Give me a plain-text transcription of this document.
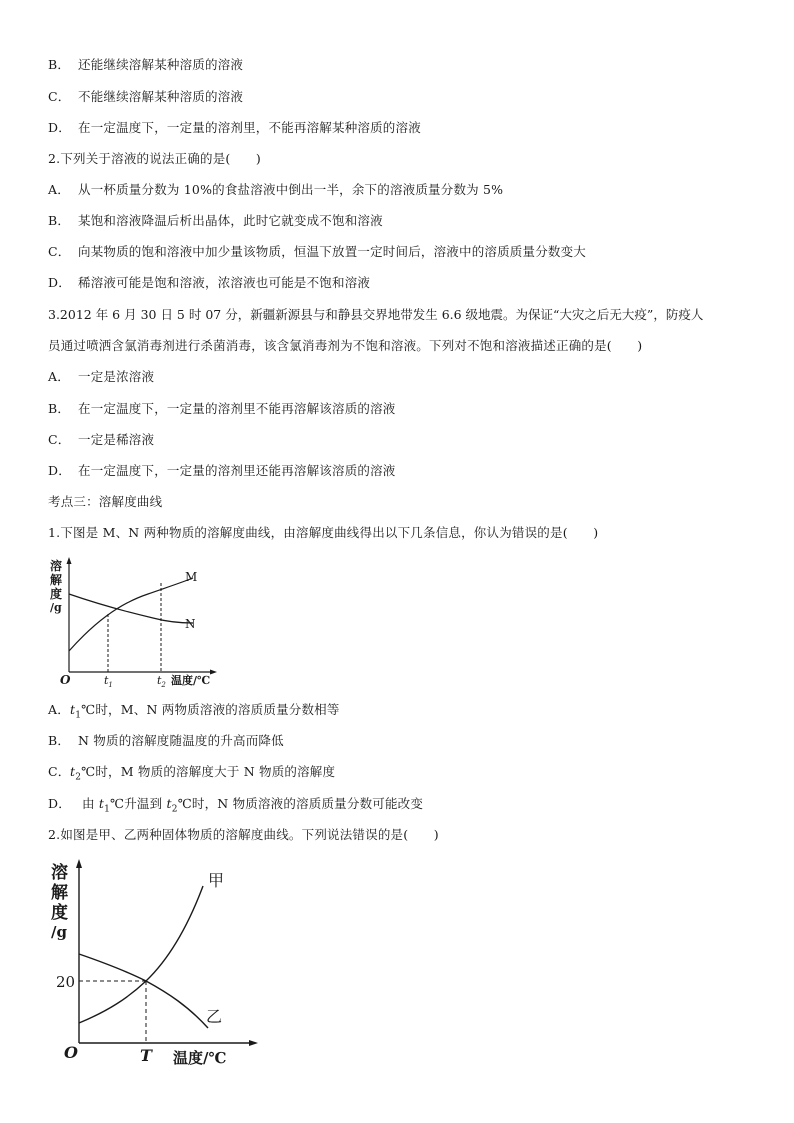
B． 还能继续溶解某种溶质的溶液
C． 不能继续溶解某种溶质的溶液
D． 在一定温度下，一定量的溶剂里，不能再溶解某种溶质的溶液
2.下列关于溶液的说法正确的是(　　)
A． 从一杯质量分数为 10%的食盐溶液中倒出一半，余下的溶液质量分数为 5%
B． 某饱和溶液降温后析出晶体，此时它就变成不饱和溶液
C． 向某物质的饱和溶液中加少量该物质，恒温下放置一定时间后，溶液中的溶质质量分数变大
D． 稀溶液可能是饱和溶液，浓溶液也可能是不饱和溶液
3.2012 年 6 月 30 日 5 时 07 分，新疆新源县与和静县交界地带发生 6.6 级地震。为保证“大灾之后无大疫”，防疫人
员通过喷洒含氯消毒剂进行杀菌消毒，该含氯消毒剂为不饱和溶液。下列对不饱和溶液描述正确的是(　　)
A． 一定是浓溶液
B． 在一定温度下，一定量的溶剂里不能再溶解该溶质的溶液
C． 一定是稀溶液
D． 在一定温度下，一定量的溶剂里还能再溶解该溶质的溶液
考点三：溶解度曲线
1.下图是 M、N 两种物质的溶解度曲线，由溶解度曲线得出以下几条信息，你认为错误的是(　　)
溶
解
度
/g
M
N
O	$t_1$	$t_2$ 温度/℃
A．$t_1℃$时，M、N 两物质溶液的溶质质量分数相等
B． N 物质的溶解度随温度的升高而降低
C．$t_2℃$时，M 物质的溶解度大于 N 物质的溶解度
D． 由 $t_1℃$升温到 $t_2℃$时，N 物质溶液的溶质质量分数可能改变
2.如图是甲、乙两种固体物质的溶解度曲线。下列说法错误的是(　　)
溶
解
度
/g
甲
乙
20
O	T 温度/℃
